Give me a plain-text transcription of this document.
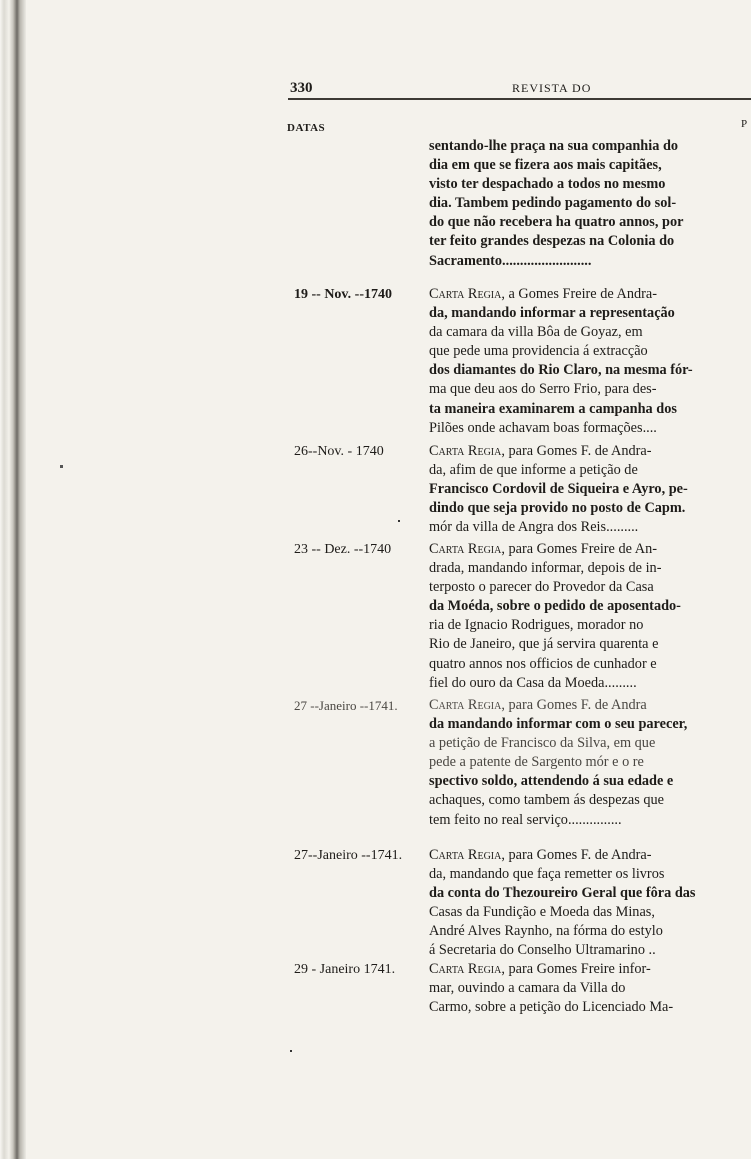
330	REVISTA DO

P

DATAS

sentando-lhe praça na sua companhia do
dia em que se fizera aos mais capitães,
visto ter despachado a todos no mesmo
dia. Tambem pedindo pagamento do sol-
do que não recebera ha quatro annos, por
ter feito grandes despezas na Colonia do
Sacramento.........................

19 -- Nov. --1740	Carta Regia, a Gomes Freire de Andra-
da, mandando informar a representação
da camara da villa Bôa de Goyaz, em
que pede uma providencia á extracção
dos diamantes do Rio Claro, na mesma fór-
ma que deu aos do Serro Frio, para des-
ta maneira examinarem a campanha dos
Pilões onde achavam boas formações....

26--Nov. - 1740	Carta Regia, para Gomes F. de Andra-
da, afim de que informe a petição de
Francisco Cordovil de Siqueira e Ayro, pe-
dindo que seja provido no posto de Capm.
mór da villa de Angra dos Reis.........

23 -- Dez. --1740	Carta Regia, para Gomes Freire de An-
drada, mandando informar, depois de in-
terposto o parecer do Provedor da Casa
da Moéda, sobre o pedido de aposentado-
ria de Ignacio Rodrigues, morador no
Rio de Janeiro, que já servira quarenta e
quatro annos nos officios de cunhador e
fiel do ouro da Casa da Moeda.........

27 --Janeiro --1741. Carta Regia, para Gomes F. de Andra
da mandando informar com o seu parecer,
a petição de Francisco da Silva, em que
pede a patente de Sargento mór e o re
spectivo soldo, attendendo á sua edade e
achaques, como tambem ás despezas que
tem feito no real serviço...............

27--Janeiro --1741. Carta Regia, para Gomes F. de Andra-
da, mandando que faça remetter os livros
da conta do Thezoureiro Geral que fôra das
Casas da Fundição e Moeda das Minas,
André Alves Raynho, na fórma do estylo
á Secretaria do Conselho Ultramarino ..

29 - Janeiro 1741. Carta Regia, para Gomes Freire infor-
mar, ouvindo a camara da Villa do
Carmo, sobre a petição do Licenciado Ma-
